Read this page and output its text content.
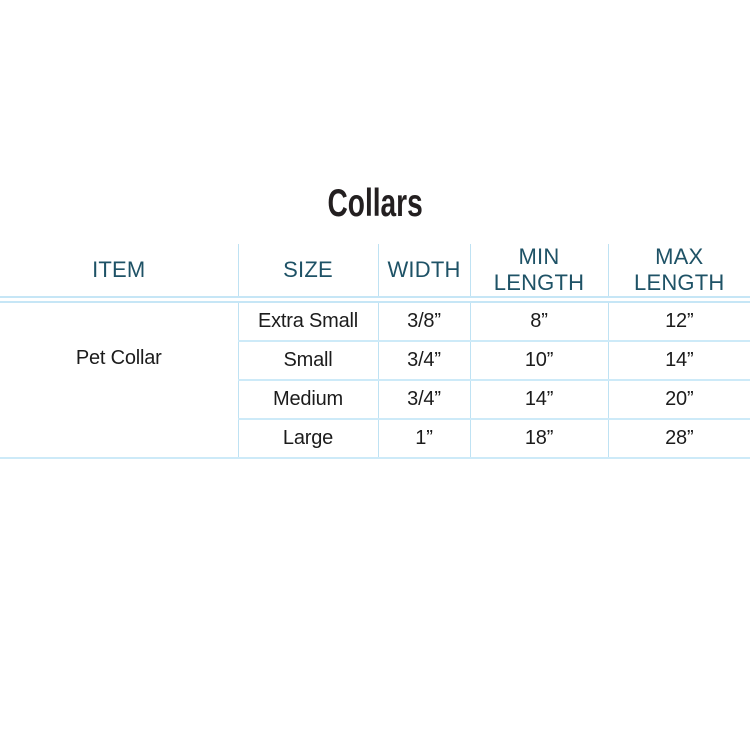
Collars
ITEM	SIZE	WIDTH	MIN LENGTH	MAX LENGTH
Pet Collar	Extra Small	3/8”	8”	12”
	Small	3/4”	10”	14”
	Medium	3/4”	14”	20”
	Large	1”	18”	28”
